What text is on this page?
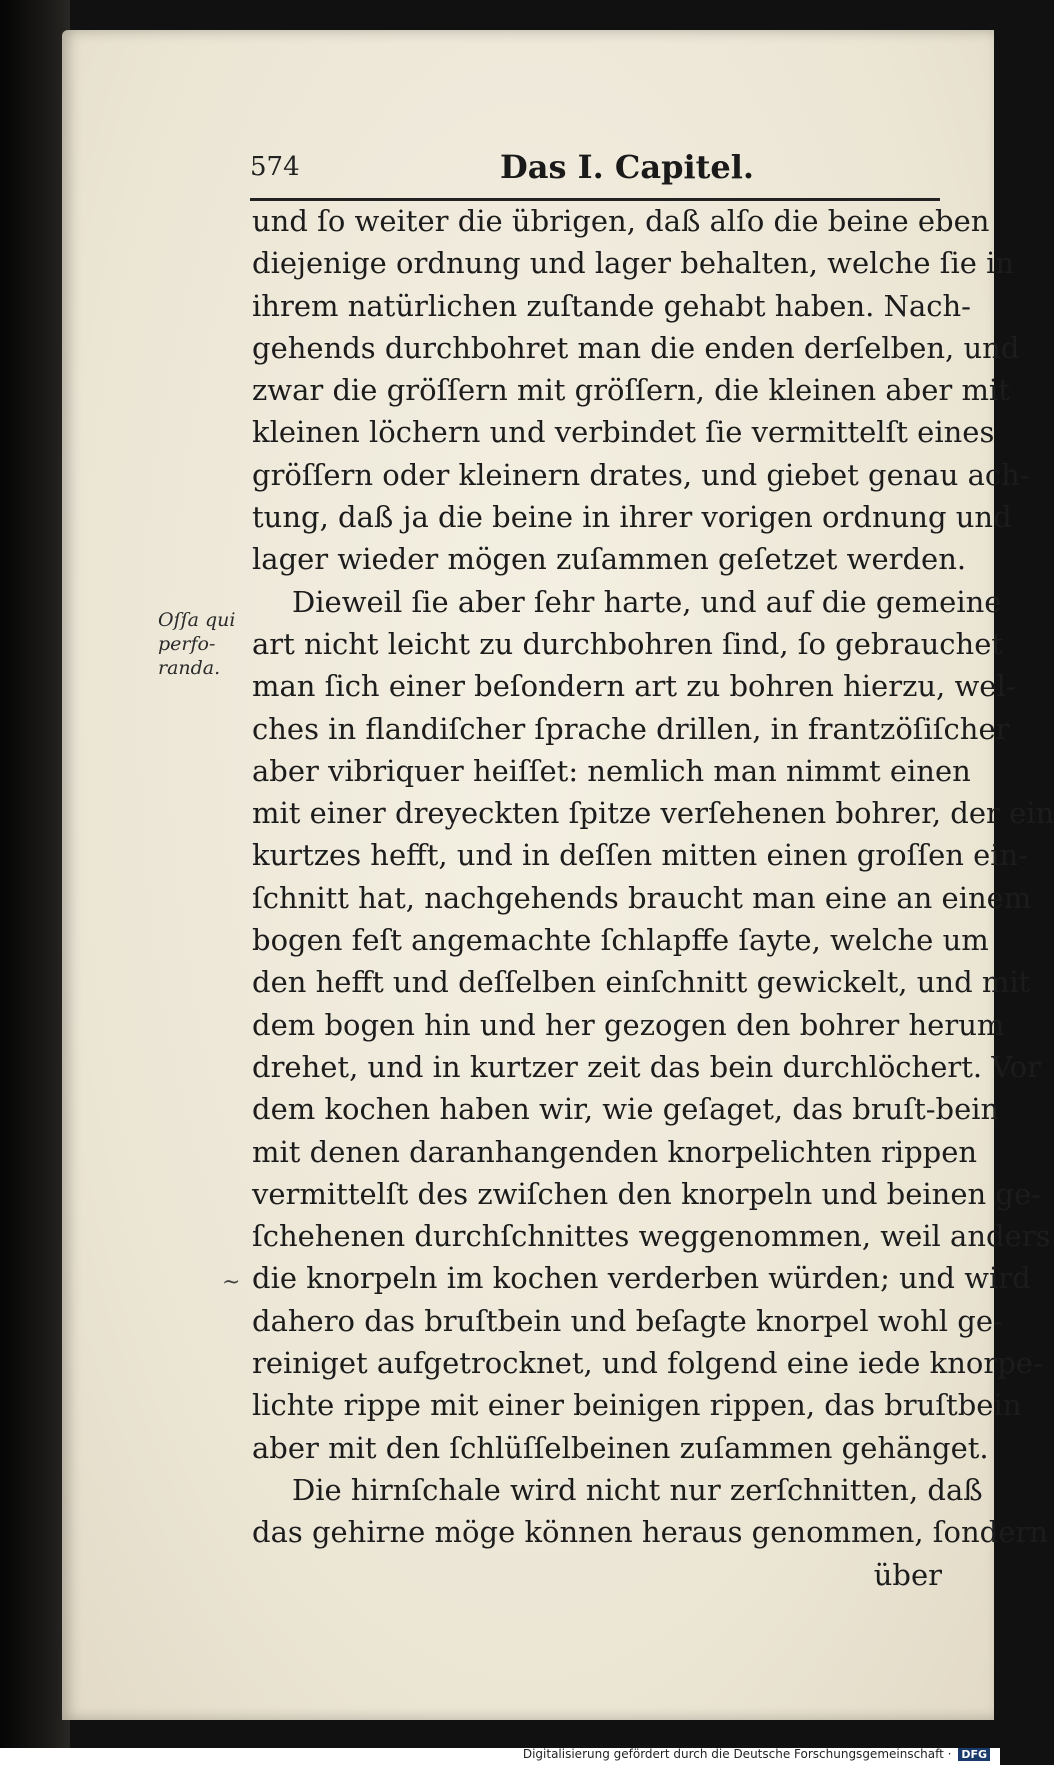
574	Das I. Capitel.
Oſſa qui
perfo-
randa.
~
und ſo weiter die übrigen, daß alſo die beine eben
diejenige ordnung und lager behalten, welche ſie in
ihrem natürlichen zuſtande gehabt haben. Nach-
gehends durchbohret man die enden derſelben, und
zwar die gröſſern mit gröſſern, die kleinen aber mit
kleinen löchern und verbindet ſie vermittelſt eines
gröſſern oder kleinern drates, und giebet genau ach-
tung, daß ja die beine in ihrer vorigen ordnung und
lager wieder mögen zuſammen geſetzet werden.
Dieweil ſie aber ſehr harte, und auf die gemeine
art nicht leicht zu durchbohren ſind, ſo gebrauchet
man ſich einer beſondern art zu bohren hierzu, wel-
ches in flandiſcher ſprache drillen, in frantzöſiſcher
aber vibriquer heiſſet: nemlich man nimmt einen
mit einer dreyeckten ſpitze verſehenen bohrer, der ein
kurtzes hefft, und in deſſen mitten einen groſſen ein-
ſchnitt hat, nachgehends braucht man eine an einem
bogen feſt angemachte ſchlapffe ſayte, welche um
den hefft und deſſelben einſchnitt gewickelt, und mit
dem bogen hin und her gezogen den bohrer herum
drehet, und in kurtzer zeit das bein durchlöchert. Vor
dem kochen haben wir, wie geſaget, das bruſt-bein
mit denen daranhangenden knorpelichten rippen
vermittelſt des zwiſchen den knorpeln und beinen ge-
ſchehenen durchſchnittes weggenommen, weil anders
die knorpeln im kochen verderben würden; und wird
dahero das bruſtbein und beſagte knorpel wohl ge-
reiniget aufgetrocknet, und folgend eine iede knorpe-
lichte rippe mit einer beinigen rippen, das bruſtbein
aber mit den ſchlüſſelbeinen zuſammen gehänget.
Die hirnſchale wird nicht nur zerſchnitten, daß
das gehirne möge können heraus genommen, ſondern
über
Digitalisierung gefördert durch die Deutsche Forschungsgemeinschaft · DFG
